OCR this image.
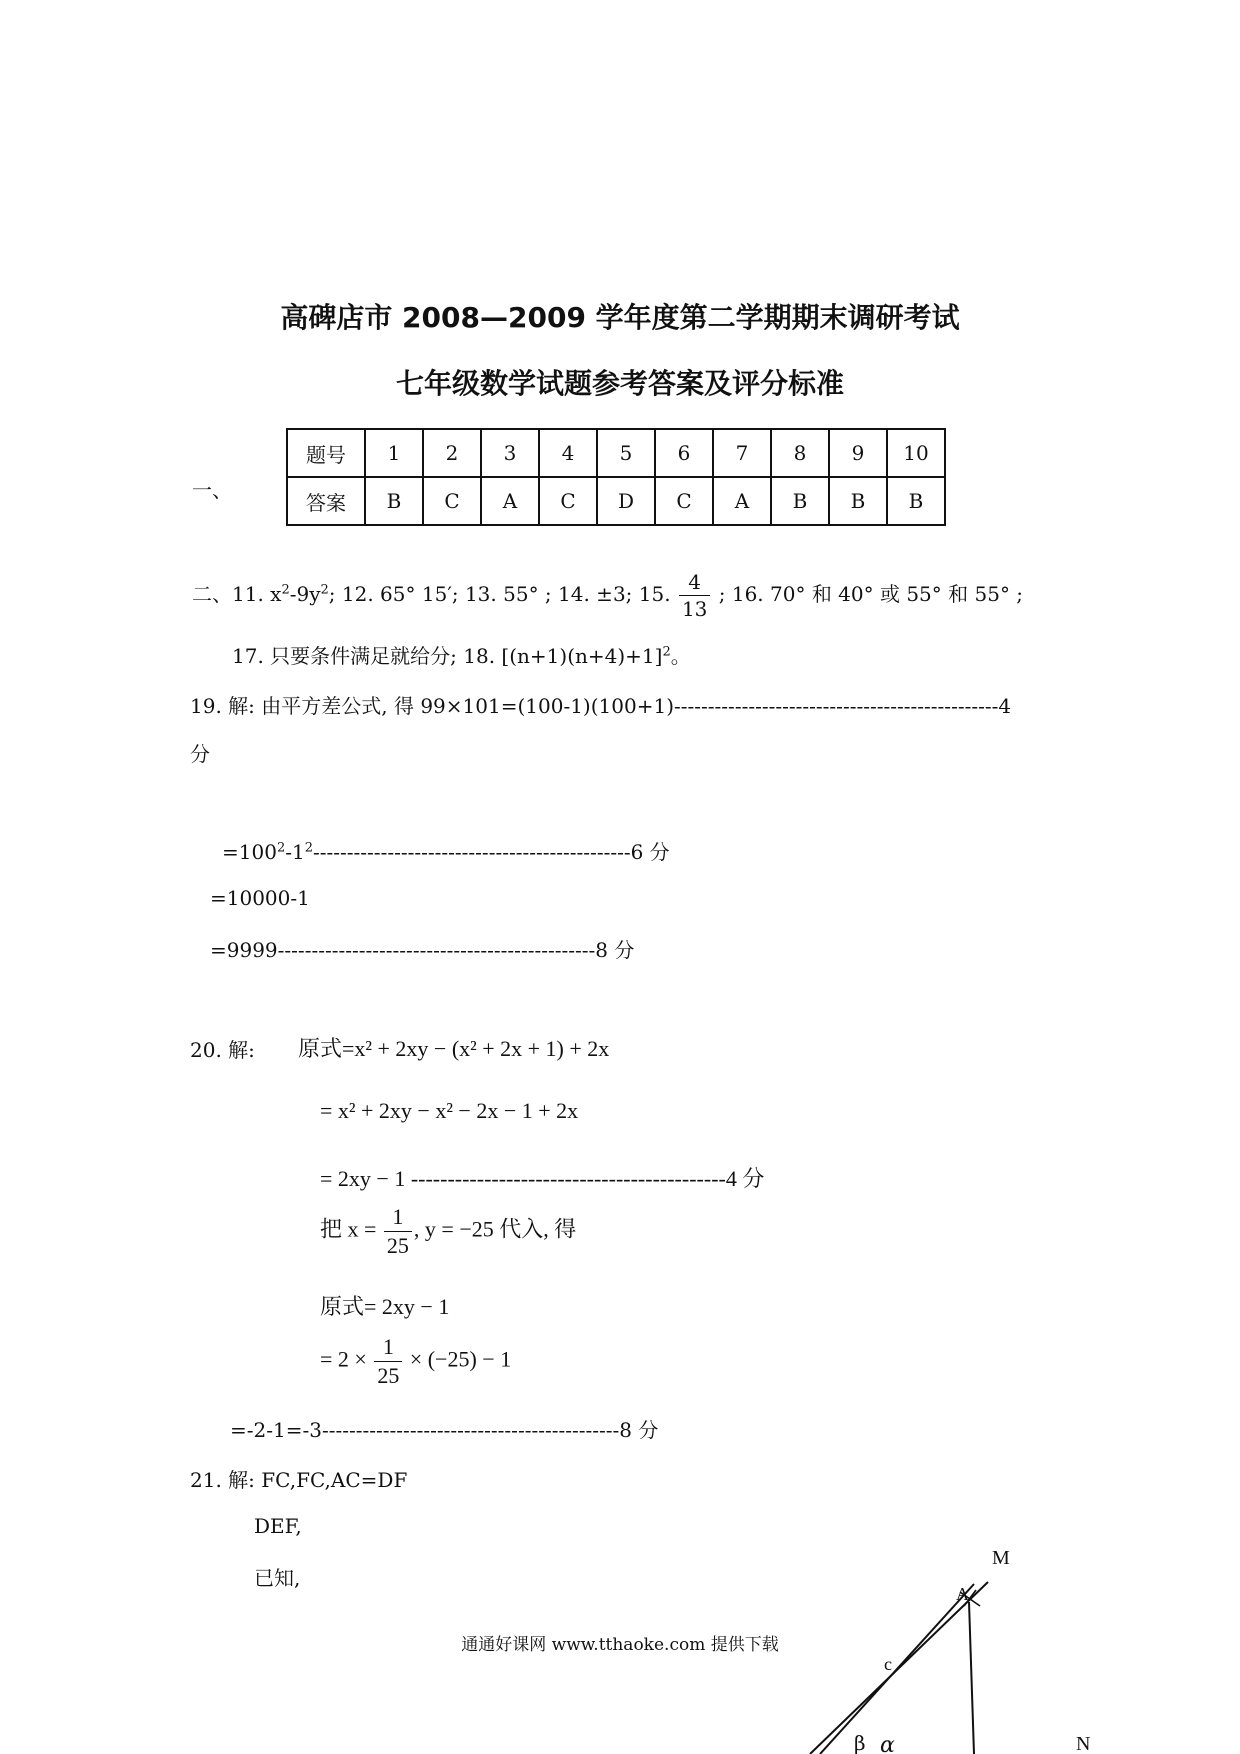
高碑店市 2008—2009 学年度第二学期期末调研考试
七年级数学试题参考答案及评分标准
一、
题号	1	2	3	4	5	6	7	8	9	10
答案	B	C	A	C	D	C	A	B	B	B
二、11. $x^2-9y^2$; 12. 65° 15′; 13. 55° ; 14. ±3; 15. $\frac{4}{13}$ ; 16. 70° 和 40° 或 55° 和 55° ;
17. 只要条件满足就给分; 18. $[(n+1)(n+4)+1]^2$。
19. 解: 由平方差公式, 得 99×101=(100-1)(100+1)------------------------------------------------4
分
$=100^2-1^2-----------------------------------------------6$ 分
=10000-1
=9999-----------------------------------------------8 分
20. 解: 原式=x² + 2xy − (x² + 2x + 1) + 2x
= x² + 2xy − x² − 2x − 1 + 2x
= 2xy − 1 -------------------------------------------4 分
把 $x = \frac{1}{25}$ , y = −25 代入, 得
原式= 2xy − 1
= $2 \times \frac{1}{25} \times (-25) - 1$
=-2-1=-3--------------------------------------------8 分
21. 解: FC,FC,AC=DF
DEF,
已知,
M
A
c
β α	N
通通好课网 www.tthaoke.com 提供下载
